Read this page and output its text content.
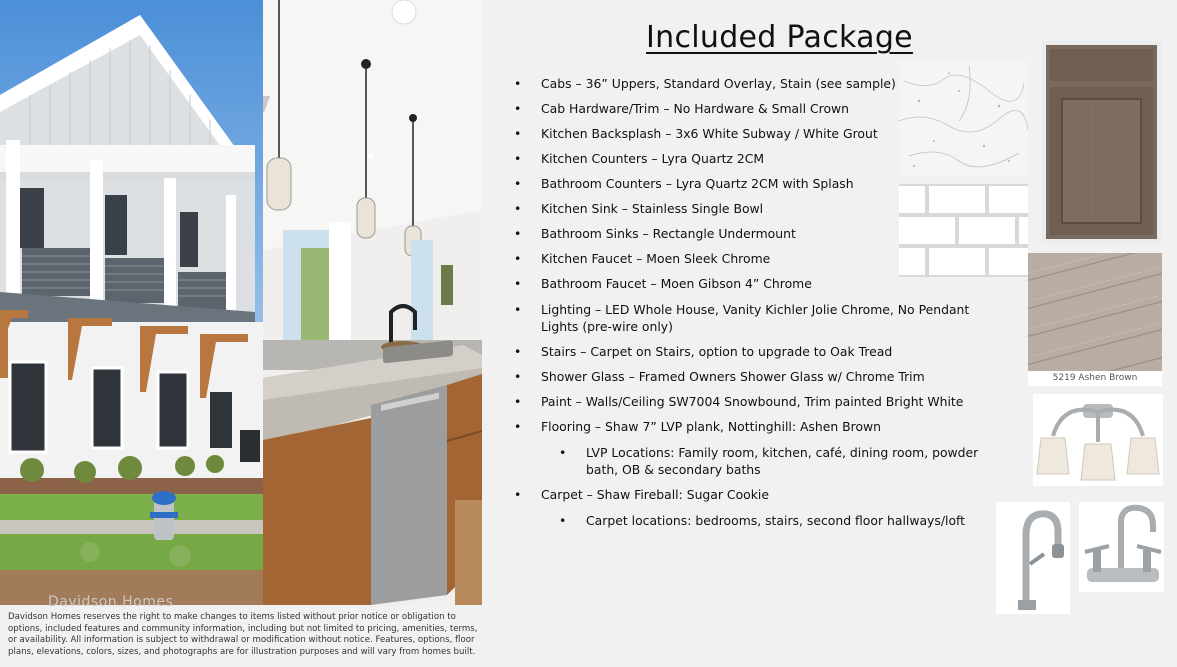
Davidson Homes
Davidson Homes reserves the right to make changes to items listed without prior notice or obligation to options, included features and community information, including but not limited to pricing, amenities, terms, or availability. All information is subject to withdrawal or modification without notice. Features, options, floor plans, elevations, colors, sizes, and photographs are for illustration purposes and will vary from homes built.
Included Package
• Cabs – 36” Uppers, Standard Overlay, Stain (see sample)
• Cab Hardware/Trim – No Hardware & Small Crown
• Kitchen Backsplash – 3x6 White Subway / White Grout
• Kitchen Counters – Lyra Quartz 2CM
• Bathroom Counters – Lyra Quartz 2CM with Splash
• Kitchen Sink – Stainless Single Bowl
• Bathroom Sinks – Rectangle Undermount
• Kitchen Faucet – Moen Sleek Chrome
• Bathroom Faucet – Moen Gibson 4” Chrome
• Lighting – LED Whole House, Vanity Kichler Jolie Chrome, No Pendant Lights (pre-wire only)
• Stairs – Carpet on Stairs, option to upgrade to Oak Tread
• Shower Glass – Framed Owners Shower Glass w/ Chrome Trim
• Paint – Walls/Ceiling SW7004 Snowbound, Trim painted Bright White
• Flooring – Shaw 7” LVP plank, Nottinghill: Ashen Brown
• LVP Locations: Family room, kitchen, café, dining room, powder bath, OB & secondary baths
• Carpet – Shaw Fireball: Sugar Cookie
• Carpet locations: bedrooms, stairs, second floor hallways/loft
5219 Ashen Brown
